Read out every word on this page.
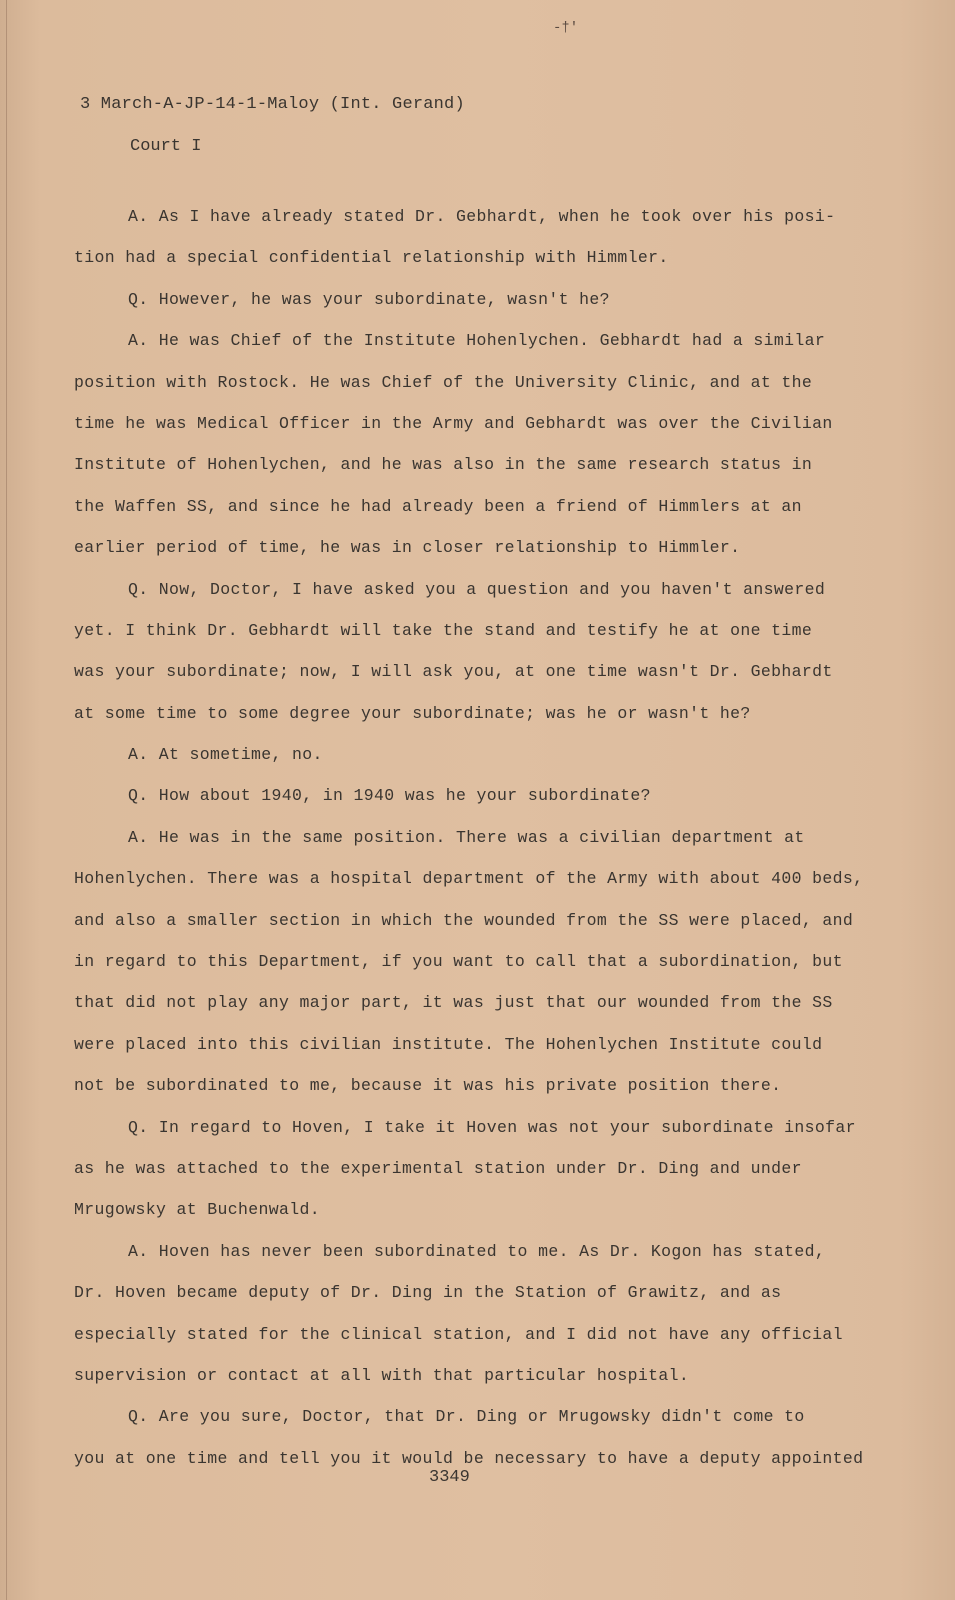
-†'
3 March-A-JP-14-1-Maloy (Int. Gerand)
Court I
A. As I have already stated Dr. Gebhardt, when he took over his posi-
tion had a special confidential relationship with Himmler.
Q. However, he was your subordinate, wasn't he?
A. He was Chief of the Institute Hohenlychen. Gebhardt had a similar
position with Rostock. He was Chief of the University Clinic, and at the
time he was Medical Officer in the Army and Gebhardt was over the Civilian
Institute of Hohenlychen, and he was also in the same research status in
the Waffen SS, and since he had already been a friend of Himmlers at an
earlier period of time, he was in closer relationship to Himmler.
Q. Now, Doctor, I have asked you a question and you haven't answered
yet. I think Dr. Gebhardt will take the stand and testify he at one time
was your subordinate; now, I will ask you, at one time wasn't Dr. Gebhardt
at some time to some degree your subordinate; was he or wasn't he?
A. At sometime, no.
Q. How about 1940, in 1940 was he your subordinate?
A. He was in the same position. There was a civilian department at
Hohenlychen. There was a hospital department of the Army with about 400 beds,
and also a smaller section in which the wounded from the SS were placed, and
in regard to this Department, if you want to call that a subordination, but
that did not play any major part, it was just that our wounded from the SS
were placed into this civilian institute. The Hohenlychen Institute could
not be subordinated to me, because it was his private position there.
Q. In regard to Hoven, I take it Hoven was not your subordinate insofar
as he was attached to the experimental station under Dr. Ding and under
Mrugowsky at Buchenwald.
A. Hoven has never been subordinated to me. As Dr. Kogon has stated,
Dr. Hoven became deputy of Dr. Ding in the Station of Grawitz, and as
especially stated for the clinical station, and I did not have any official
supervision or contact at all with that particular hospital.
Q. Are you sure, Doctor, that Dr. Ding or Mrugowsky didn't come to
you at one time and tell you it would be necessary to have a deputy appointed
3349
